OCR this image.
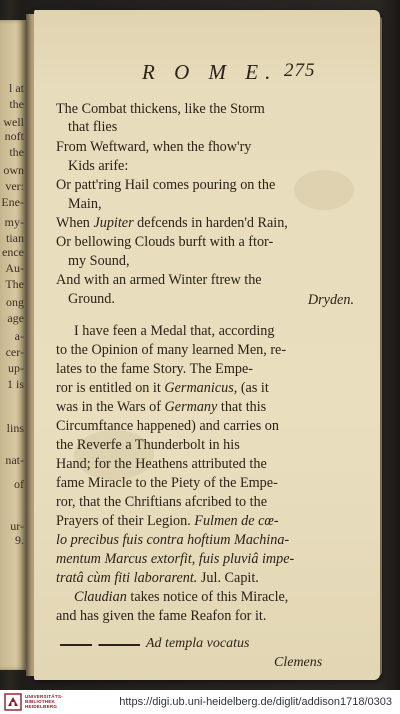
l at
the
well
noft
the
own
ver:
Ene-
my-
tian
ence
Au-
The
ong
age
a-
cer-
up-
1 is
lins
nat-
of
ur-
9.
R O M E. 275
The Combat thickens, like the Storm
that flies
From Weftward, when the fhow'ry
Kids arife:
Or patt'ring Hail comes pouring on the
Main,
When Jupiter defcends in harden'd Rain,
Or bellowing Clouds burft with a ftor-
my Sound,
And with an armed Winter ftrew the
Ground.	Dryden.
I have feen a Medal that, according
to the Opinion of many learned Men, re-
lates to the fame Story. The Empe-
ror is entitled on it Germanicus, (as it
was in the Wars of Germany that this
Circumftance happened) and carries on
the Reverfe a Thunderbolt in his
Hand; for the Heathens attributed the
fame Miracle to the Piety of the Empe-
ror, that the Chriftians afcribed to the
Prayers of their Legion. Fulmen de cœ-
lo precibus fuis contra hoftium Machina-
mentum Marcus extorfit, fuis pluviâ impe-
tratâ cùm fiti laborarent. Jul. Capit.
Claudian takes notice of this Miracle,
and has given the fame Reafon for it.
Ad templa vocatus
Clemens
UNIVERSITÄTS-
BIBLIOTHEK
HEIDELBERG	https://digi.ub.uni-heidelberg.de/diglit/addison1718/0303
